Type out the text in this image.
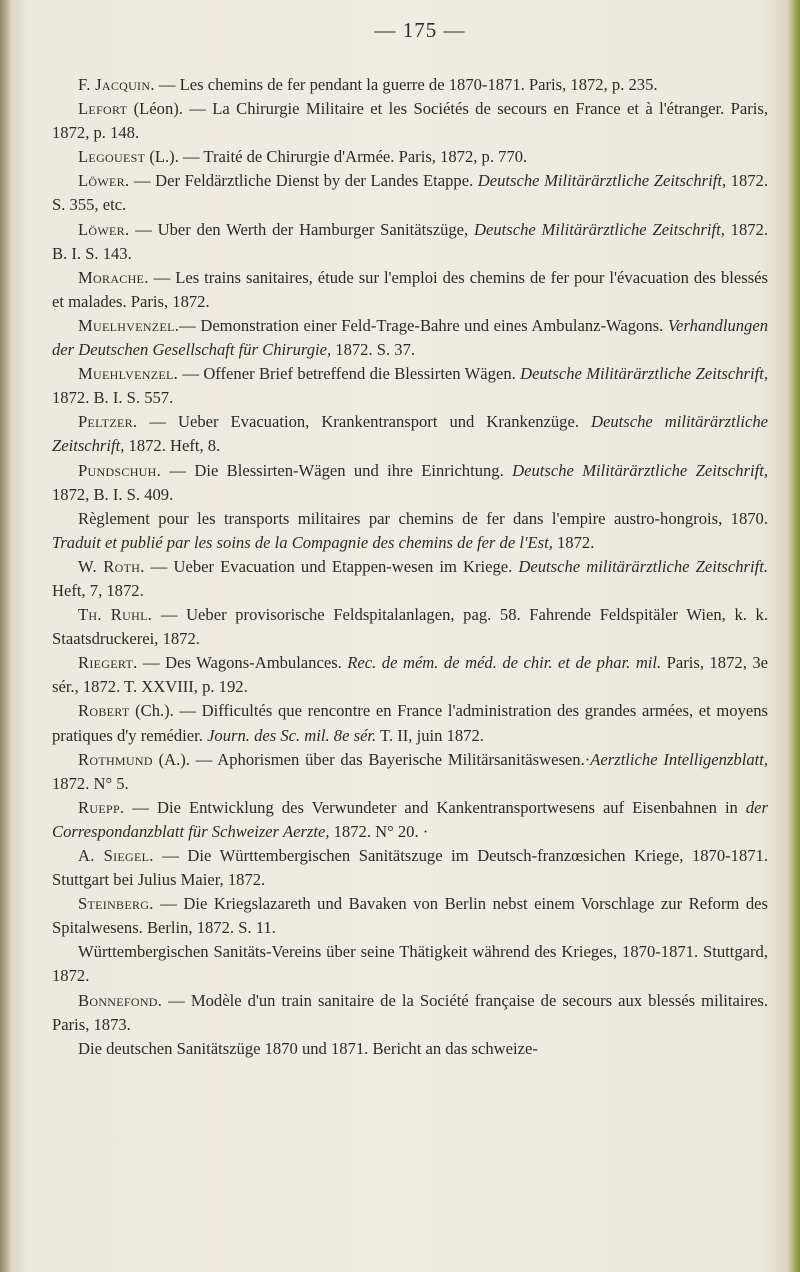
— 175 —

F. Jacquin. — Les chemins de fer pendant la guerre de 1870-1871. Paris, 1872, p. 235.

Lefort (Léon). — La Chirurgie Militaire et les Sociétés de secours en France et à l'étranger. Paris, 1872, p. 148.

Legouest (L.). — Traité de Chirurgie d'Armée. Paris, 1872, p. 770.

Löwer. — Der Feldärztliche Dienst by der Landes Etappe. Deutsche Militärärztliche Zeitschrift, 1872. S. 355, etc.

Löwer. — Uber den Werth der Hamburger Sanitätszüge, Deutsche Militärärztliche Zeitschrift, 1872. B. I. S. 143.

Morache. — Les trains sanitaires, étude sur l'emploi des chemins de fer pour l'évacuation des blessés et malades. Paris, 1872.

Muelhvenzel.— Demonstration einer Feld-Trage-Bahre und eines Ambulanz-Wagons. Verhandlungen der Deutschen Gesellschaft für Chirurgie, 1872. S. 37.

Muehlvenzel. — Offener Brief betreffend die Blessirten Wägen. Deutsche Militärärztliche Zeitschrift, 1872. B. I. S. 557.

Peltzer. — Ueber Evacuation, Krankentransport und Krankenzüge. Deutsche militärärztliche Zeitschrift, 1872. Heft, 8.

Pundschuh. — Die Blessirten-Wägen und ihre Einrichtung. Deutsche Militärärztliche Zeitschrift, 1872, B. I. S. 409.

Règlement pour les transports militaires par chemins de fer dans l'empire austro-hongrois, 1870. Traduit et publié par les soins de la Compagnie des chemins de fer de l'Est, 1872.

W. Roth. — Ueber Evacuation und Etappen-wesen im Kriege. Deutsche militärärztliche Zeitschrift. Heft, 7, 1872.

Th. Ruhl. — Ueber provisorische Feldspitalanlagen, pag. 58. Fahrende Feldspitäler Wien, k. k. Staatsdruckerei, 1872.

Riegert. — Des Wagons-Ambulances. Rec. de mém. de méd. de chir. et de phar. mil. Paris, 1872, 3e sér., 1872. T. XXVIII, p. 192.

Robert (Ch.). — Difficultés que rencontre en France l'administration des grandes armées, et moyens pratiques d'y remédier. Journ. des Sc. mil. 8e sér. T. II, juin 1872.

Rothmund (A.). — Aphorismen über das Bayerische Militärsanitäswesen.·Aerztliche Intelligenzblatt, 1872. N° 5.

Ruepp. — Die Entwicklung des Verwundeter and Kankentransportwesens auf Eisenbahnen in der Correspondanzblatt für Schweizer Aerzte, 1872. N° 20. ·

A. Siegel. — Die Württembergischen Sanitätszuge im Deutsch-franzœsichen Kriege, 1870-1871. Stuttgart bei Julius Maier, 1872.

Steinberg. — Die Kriegslazareth und Bavaken von Berlin nebst einem Vorschlage zur Reform des Spitalwesens. Berlin, 1872. S. 11.

Württembergischen Sanitäts-Vereins über seine Thätigkeit während des Krieges, 1870-1871. Stuttgard, 1872.

Bonnefond. — Modèle d'un train sanitaire de la Société française de secours aux blessés militaires. Paris, 1873.

Die deutschen Sanitätszüge 1870 und 1871. Bericht an das schweize-
